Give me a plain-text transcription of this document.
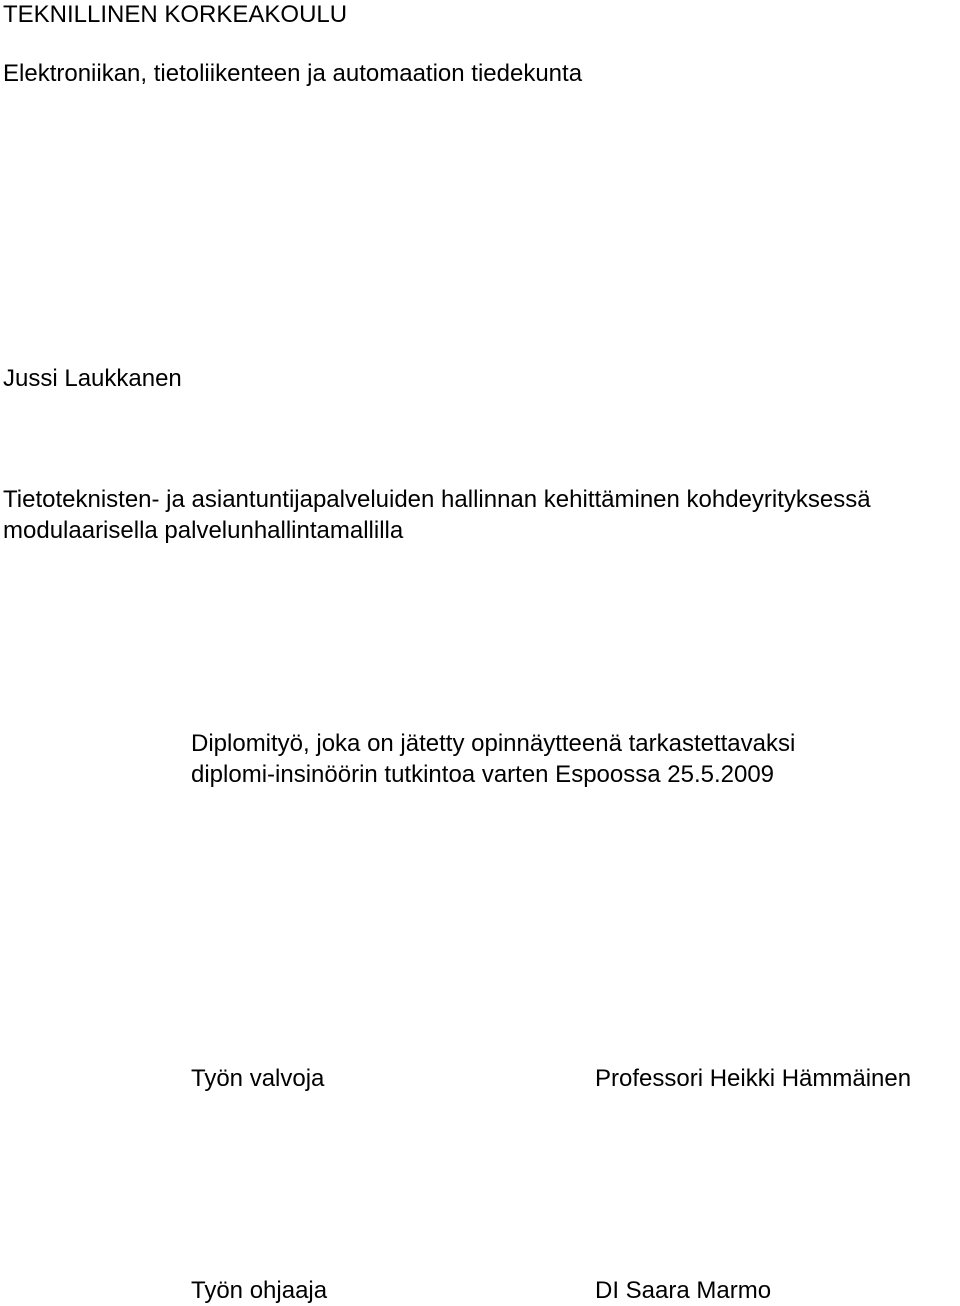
TEKNILLINEN KORKEAKOULU
Elektroniikan, tietoliikenteen ja automaation tiedekunta
Jussi Laukkanen
Tietoteknisten- ja asiantuntijapalveluiden hallinnan kehittäminen kohdeyrityksessä
modulaarisella palvelunhallintamallilla
Diplomityö, joka on jätetty opinnäytteenä tarkastettavaksi
diplomi-insinöörin tutkintoa varten Espoossa 25.5.2009
Työn valvoja	Professori Heikki Hämmäinen
Työn ohjaaja	DI Saara Marmo
